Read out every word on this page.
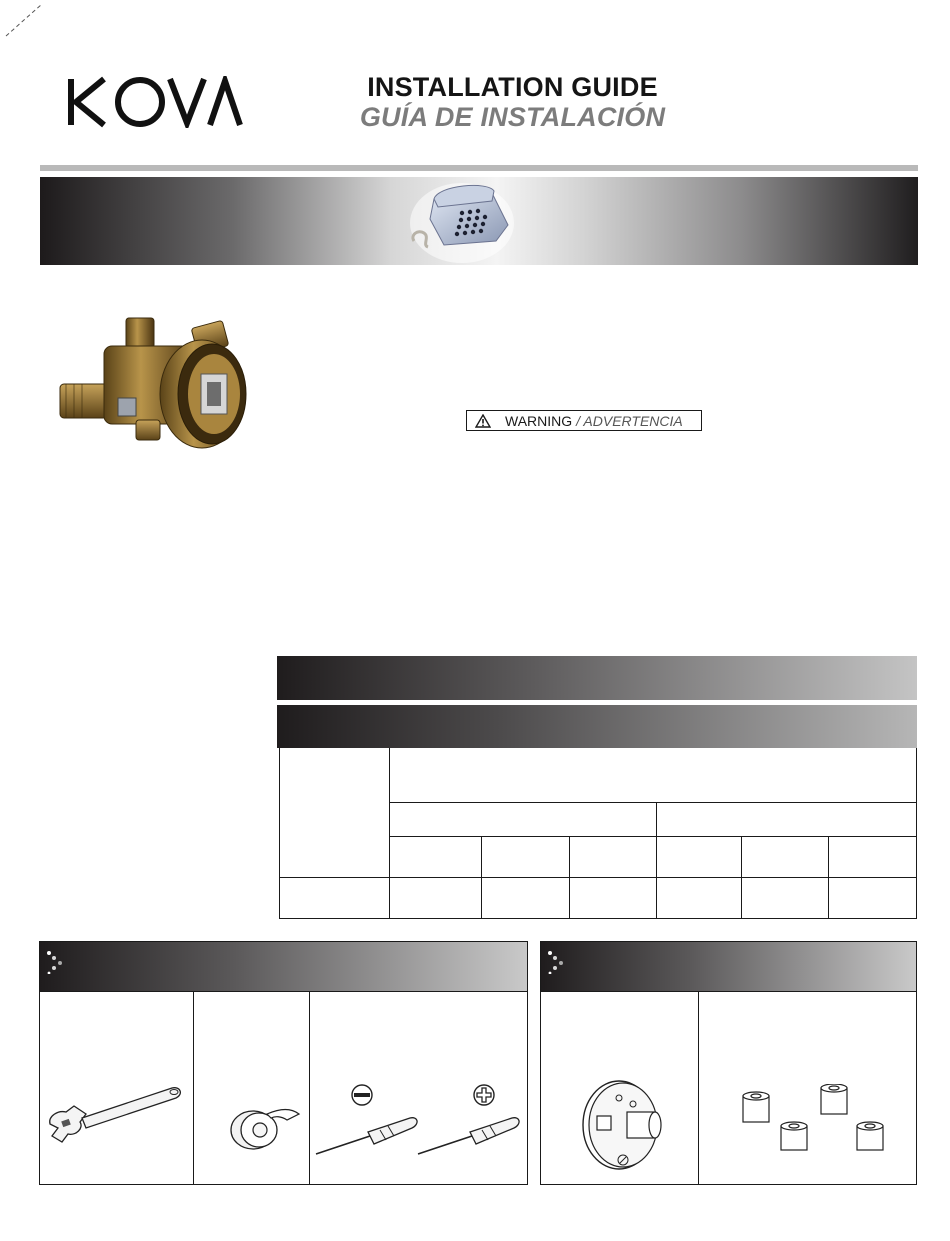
INSTALLATION GUIDE
GUÍA DE INSTALACIÓN
WARNING / ADVERTENCIA
